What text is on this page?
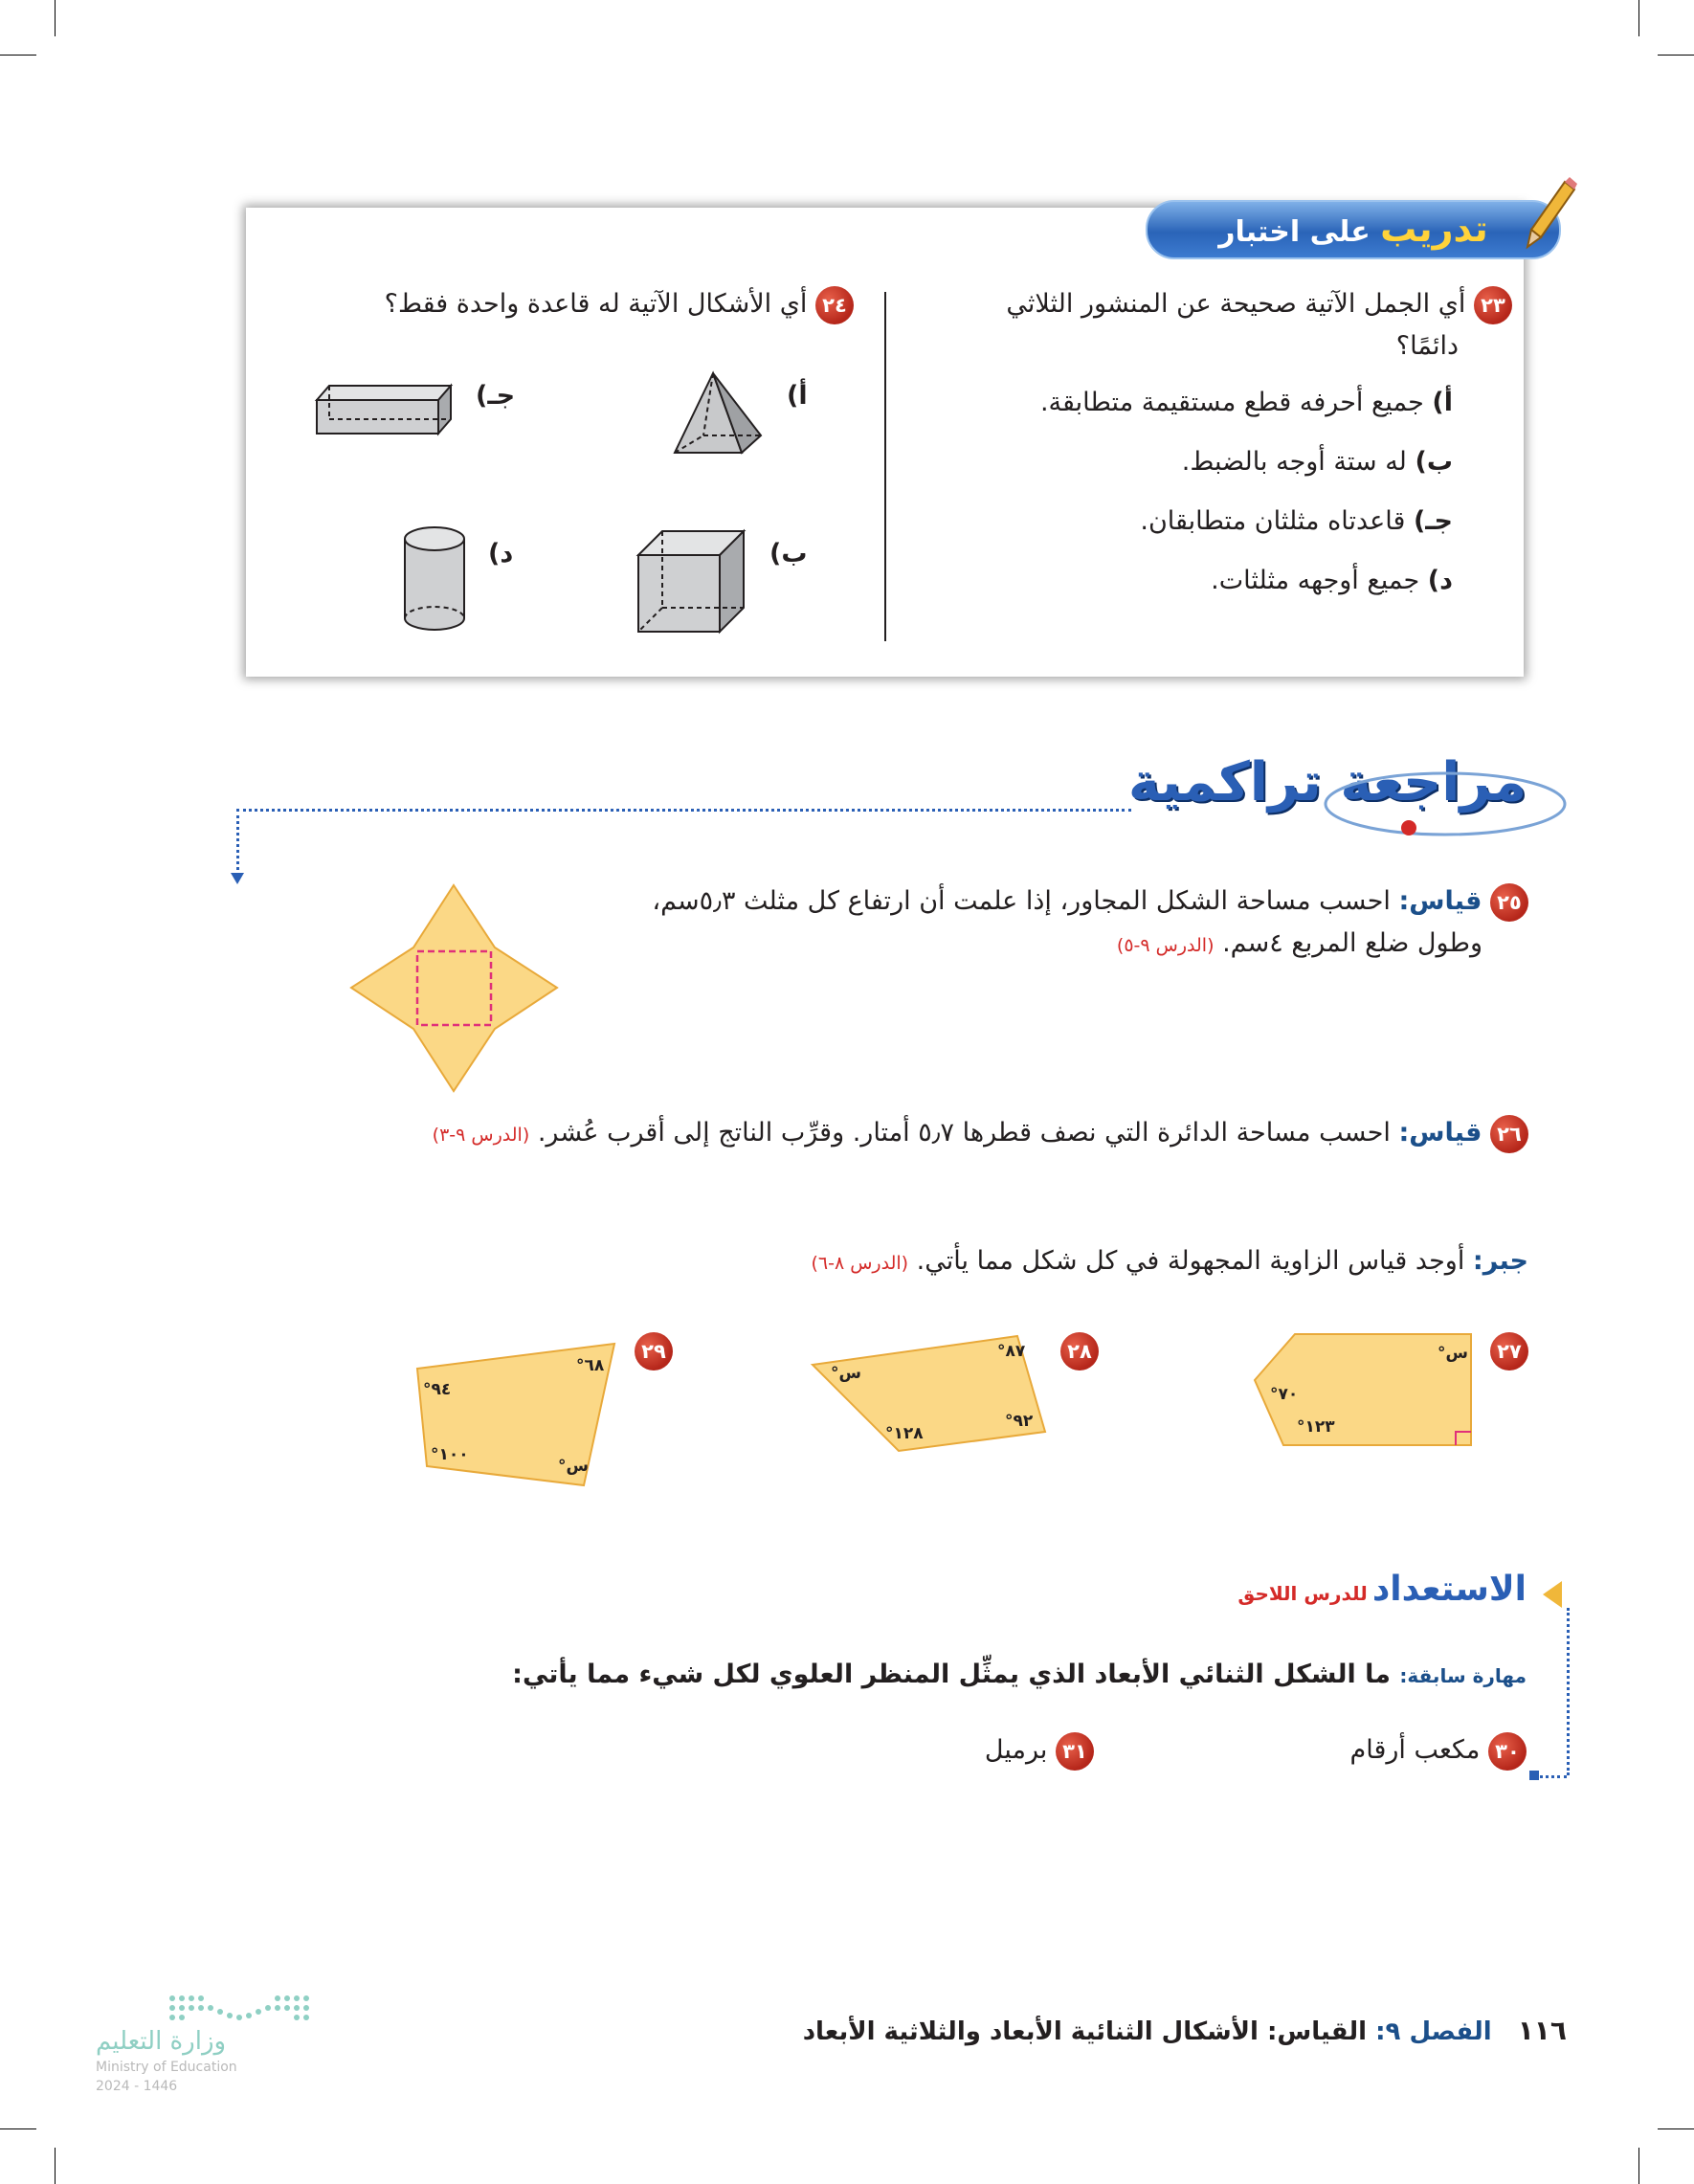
تدريب على اختبار
٢٣ أي الجمل الآتية صحيحة عن المنشور الثلاثي
دائمًا؟
أ) جميع أحرفه قطع مستقيمة متطابقة.
ب) له ستة أوجه بالضبط.
جـ) قاعدتاه مثلثان متطابقان.
د) جميع أوجهه مثلثات.
٢٤ أي الأشكال الآتية له قاعدة واحدة فقط؟
أ)
ب)
جـ)
د)
مراجعة تراكمية
٢٥ قياس: احسب مساحة الشكل المجاور، إذا علمت أن ارتفاع كل مثلث ٥٫٣سم،
وطول ضلع المربع ٤سم. (الدرس ٩-٥)
٢٦ قياس: احسب مساحة الدائرة التي نصف قطرها ٥٫٧ أمتار. وقرِّب الناتج إلى أقرب عُشر. (الدرس ٩-٣)
جبر: أوجد قياس الزاوية المجهولة في كل شكل مما يأتي. (الدرس ٨-٦)
٢٧
س°
٧٠°
١٢٣°
٢٨
٨٧°
س°
٩٢°
١٢٨°
٢٩
٦٨°
٩٤°
١٠٠°
س°
الاستعداد للدرس اللاحق
مهارة سابقة: ما الشكل الثنائي الأبعاد الذي يمثِّل المنظر العلوي لكل شيء مما يأتي:
٣٠ مكعب أرقام
٣١ برميل
١١٦ الفصل ٩: القياس: الأشكال الثنائية الأبعاد والثلاثية الأبعاد
وزارة التعليم
Ministry of Education
2024 - 1446
